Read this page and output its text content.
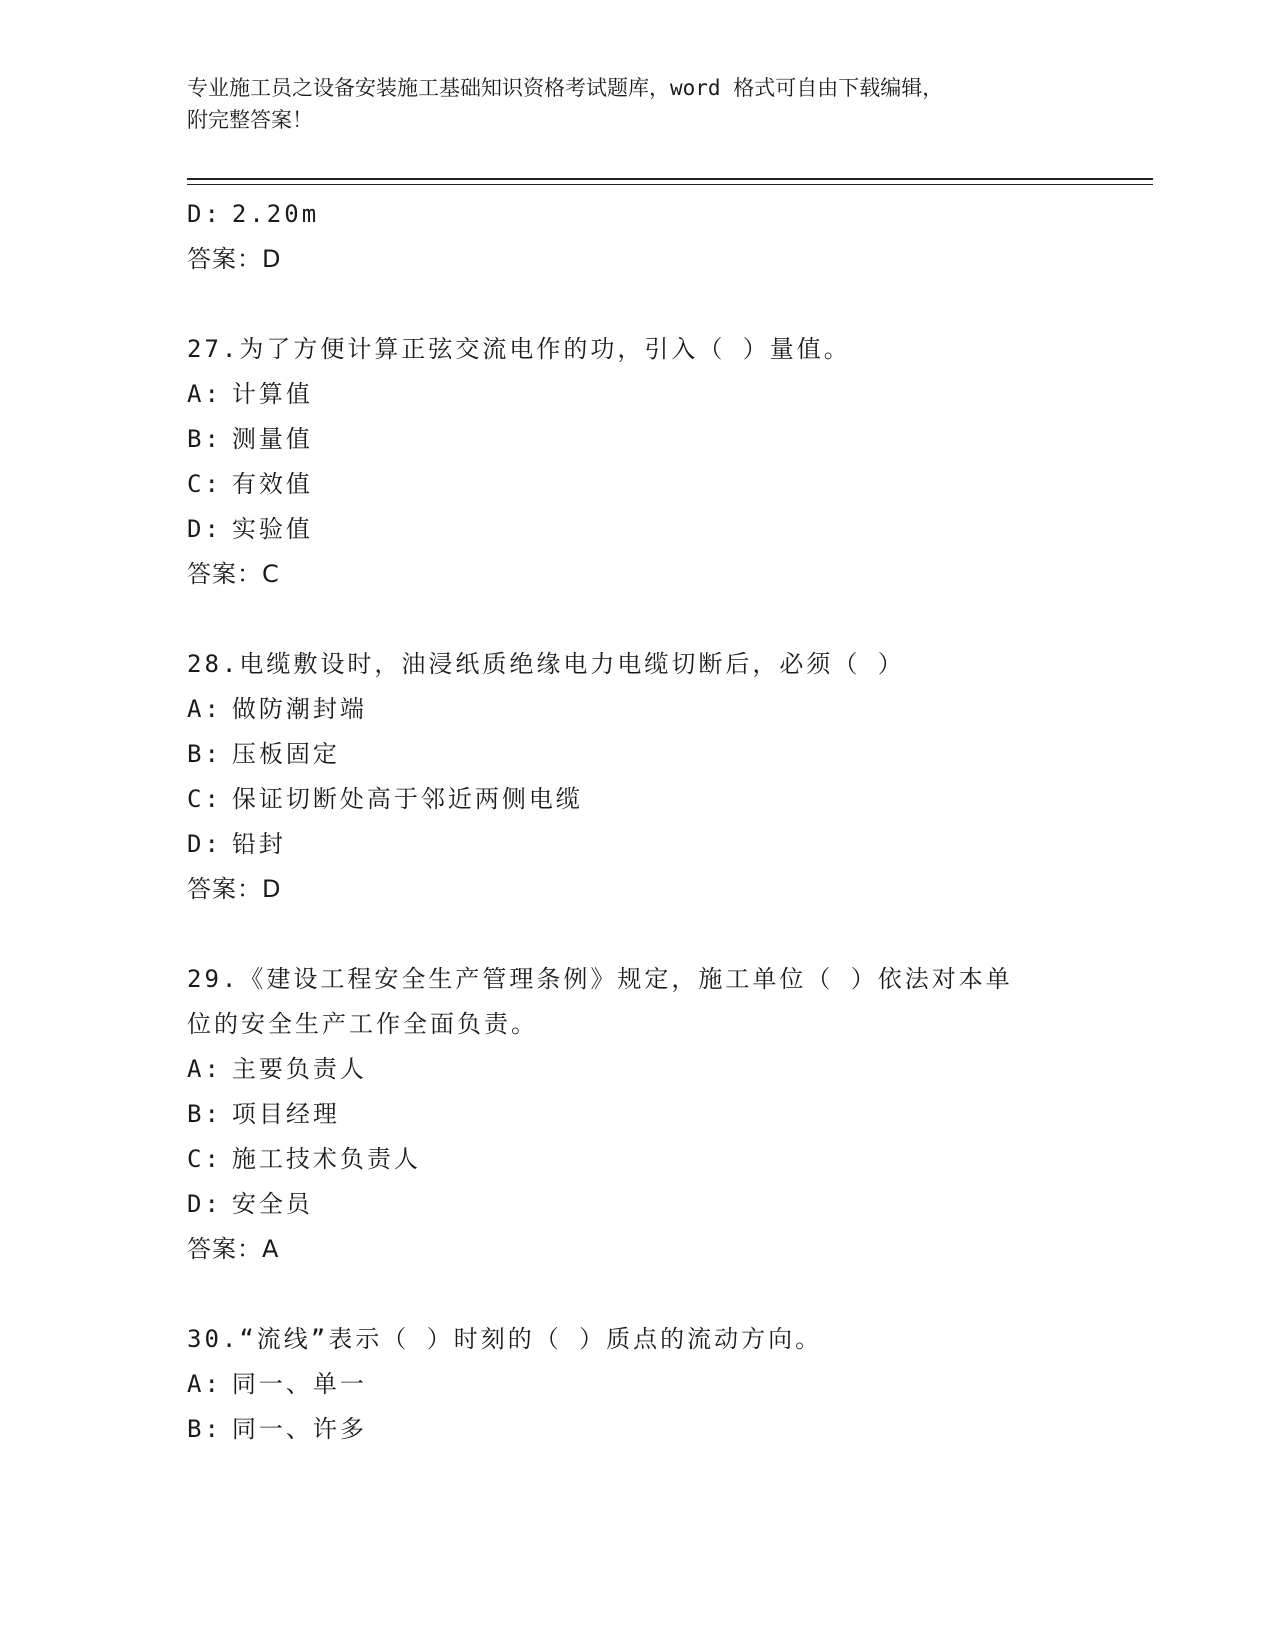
专业施工员之设备安装施工基础知识资格考试题库，word 格式可自由下载编辑，
附完整答案！
D: 2.20m
答案：D
27.为了方便计算正弦交流电作的功，引入（ ）量值。
A: 计算值
B: 测量值
C: 有效值
D: 实验值
答案：C
28.电缆敷设时，油浸纸质绝缘电力电缆切断后，必须（ ）
A: 做防潮封端
B: 压板固定
C: 保证切断处高于邻近两侧电缆
D: 铅封
答案：D
29.《建设工程安全生产管理条例》规定，施工单位（ ）依法对本单
位的安全生产工作全面负责。
A: 主要负责人
B: 项目经理
C: 施工技术负责人
D: 安全员
答案：A
30.“流线”表示（ ）时刻的（ ）质点的流动方向。
A: 同一、单一
B: 同一、许多
